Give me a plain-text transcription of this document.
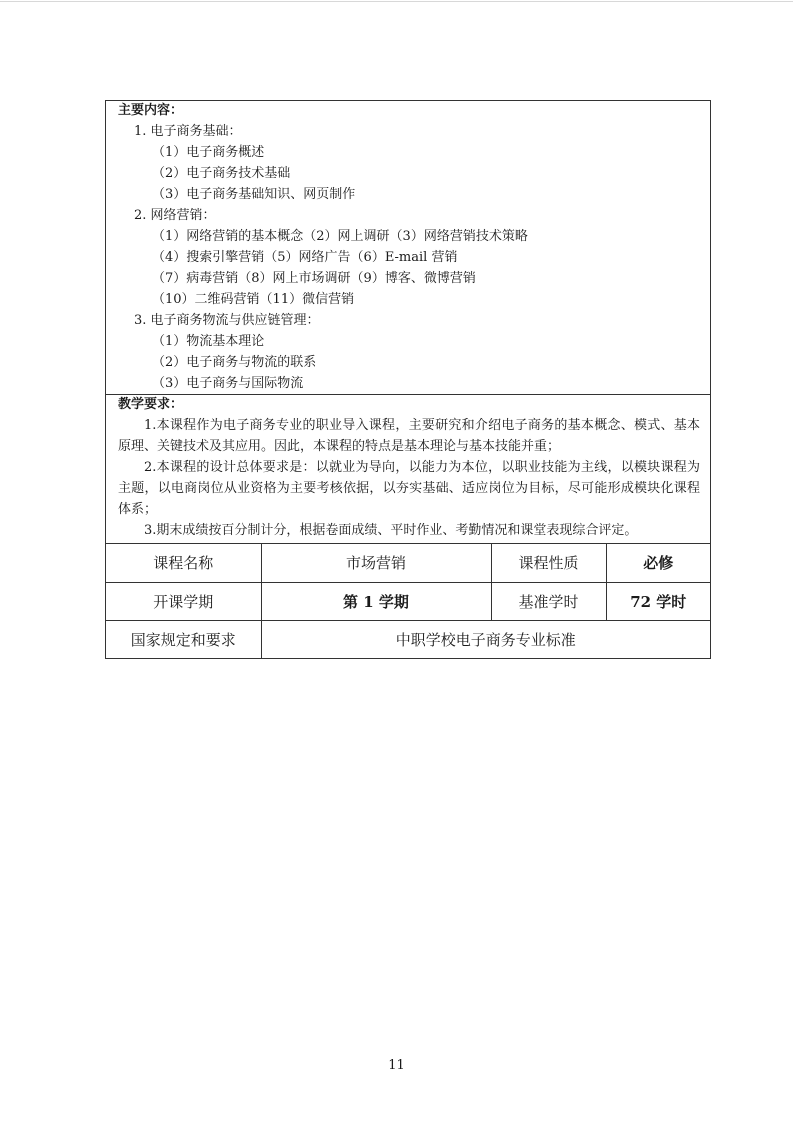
主要内容：
1. 电子商务基础：
（1）电子商务概述
（2）电子商务技术基础
（3）电子商务基础知识、网页制作
2. 网络营销：
（1）网络营销的基本概念（2）网上调研（3）网络营销技术策略
（4）搜索引擎营销（5）网络广告（6）E-mail 营销
（7）病毒营销（8）网上市场调研（9）博客、微博营销
（10）二维码营销（11）微信营销
3. 电子商务物流与供应链管理：
（1）物流基本理论
（2）电子商务与物流的联系
（3）电子商务与国际物流
教学要求：
1.本课程作为电子商务专业的职业导入课程，主要研究和介绍电子商务的基本概念、模式、基本原理、关键技术及其应用。因此，本课程的特点是基本理论与基本技能并重；
2.本课程的设计总体要求是：以就业为导向，以能力为本位，以职业技能为主线，以模块课程为主题，以电商岗位从业资格为主要考核依据，以夯实基础、适应岗位为目标，尽可能形成模块化课程体系；
3.期末成绩按百分制计分，根据卷面成绩、平时作业、考勤情况和课堂表现综合评定。
课程名称	市场营销	课程性质	必修
开课学期	第 1 学期	基准学时	72 学时
国家规定和要求	中职学校电子商务专业标准		
11
